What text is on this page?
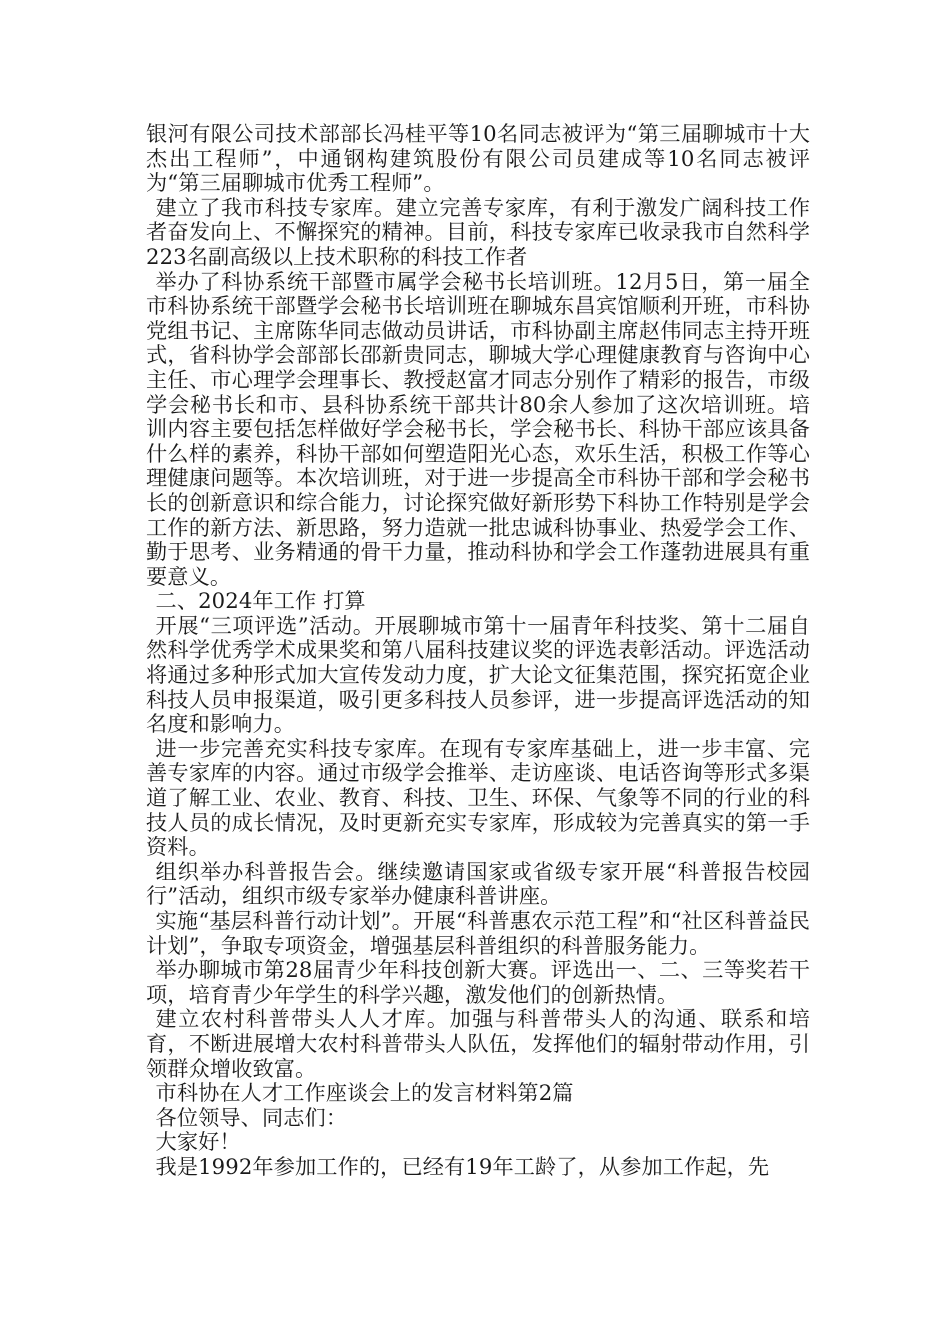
银河有限公司技术部部长冯桂平等10名同志被评为“第三届聊城市十大杰出工程师”，中通钢构建筑股份有限公司员建成等10名同志被评为“第三届聊城市优秀工程师”。

建立了我市科技专家库。建立完善专家库，有利于激发广阔科技工作者奋发向上、不懈探究的精神。目前，科技专家库已收录我市自然科学223名副高级以上技术职称的科技工作者

举办了科协系统干部暨市属学会秘书长培训班。12月5日，第一届全市科协系统干部暨学会秘书长培训班在聊城东昌宾馆顺利开班，市科协党组书记、主席陈华同志做动员讲话，市科协副主席赵伟同志主持开班式，省科协学会部部长邵新贵同志，聊城大学心理健康教育与咨询中心主任、市心理学会理事长、教授赵富才同志分别作了精彩的报告，市级学会秘书长和市、县科协系统干部共计80余人参加了这次培训班。培训内容主要包括怎样做好学会秘书长，学会秘书长、科协干部应该具备什么样的素养，科协干部如何塑造阳光心态，欢乐生活，积极工作等心理健康问题等。本次培训班，对于进一步提高全市科协干部和学会秘书长的创新意识和综合能力，讨论探究做好新形势下科协工作特别是学会工作的新方法、新思路，努力造就一批忠诚科协事业、热爱学会工作、勤于思考、业务精通的骨干力量，推动科协和学会工作蓬勃进展具有重要意义。

二、2024年工作 打算

开展“三项评选”活动。开展聊城市第十一届青年科技奖、第十二届自然科学优秀学术成果奖和第八届科技建议奖的评选表彰活动。评选活动将通过多种形式加大宣传发动力度，扩大论文征集范围，探究拓宽企业科技人员申报渠道，吸引更多科技人员参评，进一步提高评选活动的知名度和影响力。

进一步完善充实科技专家库。在现有专家库基础上，进一步丰富、完善专家库的内容。通过市级学会推举、走访座谈、电话咨询等形式多渠道了解工业、农业、教育、科技、卫生、环保、气象等不同的行业的科技人员的成长情况，及时更新充实专家库，形成较为完善真实的第一手资料。

组织举办科普报告会。继续邀请国家或省级专家开展“科普报告校园行”活动，组织市级专家举办健康科普讲座。

实施“基层科普行动计划”。开展“科普惠农示范工程”和“社区科普益民计划”，争取专项资金，增强基层科普组织的科普服务能力。

举办聊城市第28届青少年科技创新大赛。评选出一、二、三等奖若干项，培育青少年学生的科学兴趣，激发他们的创新热情。

建立农村科普带头人人才库。加强与科普带头人的沟通、联系和培育，不断进展增大农村科普带头人队伍，发挥他们的辐射带动作用，引领群众增收致富。

市科协在人才工作座谈会上的发言材料第2篇

各位领导、同志们：

大家好！

我是1992年参加工作的，已经有19年工龄了，从参加工作起，先
